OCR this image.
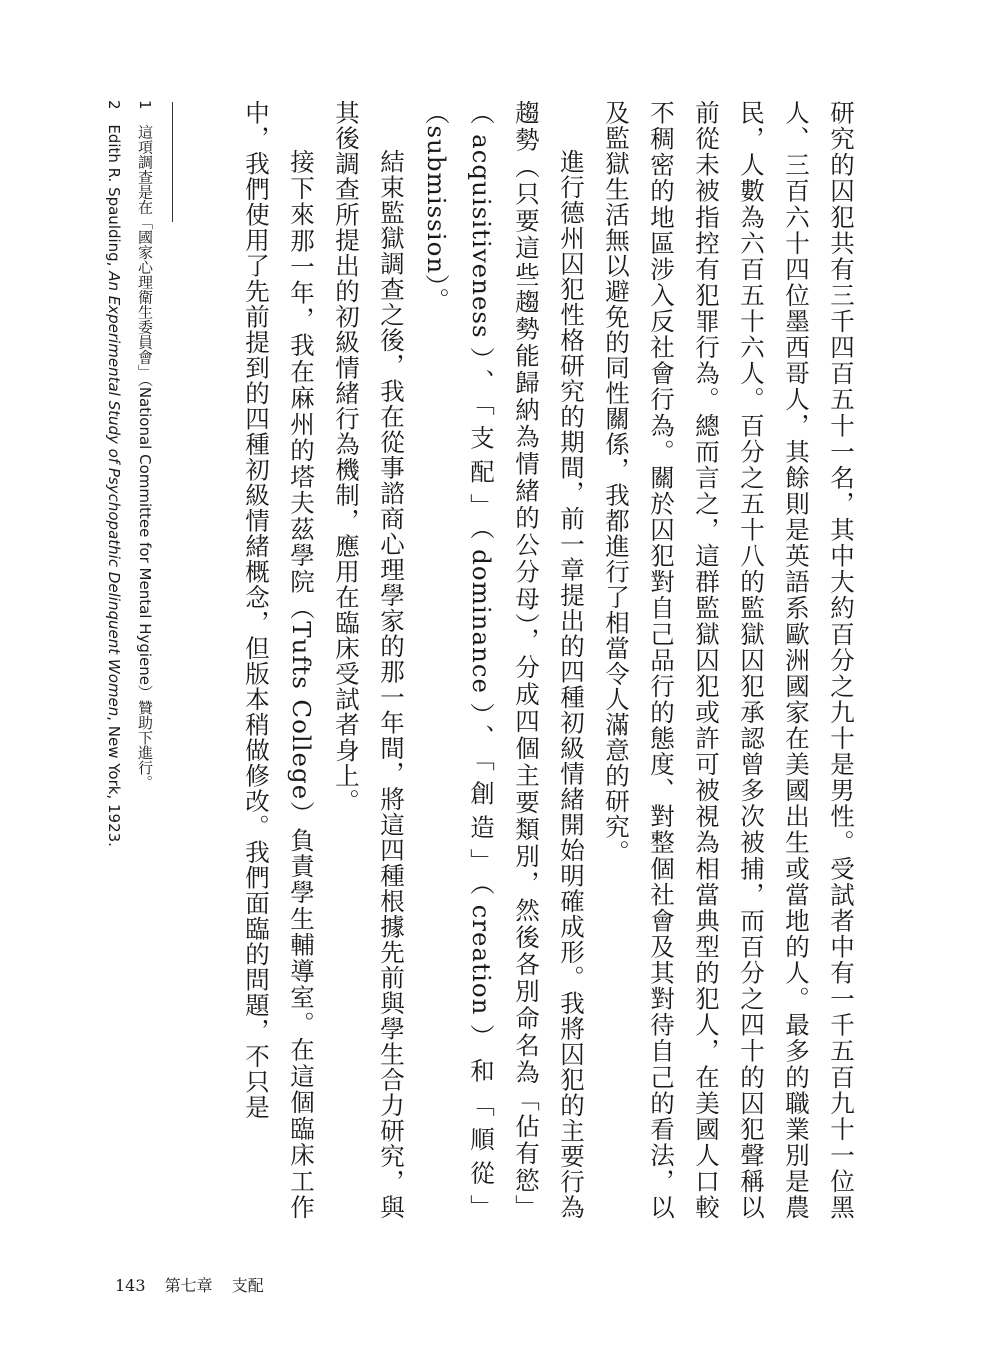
研究的囚犯共有三千四百五十一名，其中大約百分之九十是男性。受試者中有一千五百九十一位黑人、三百六十四位墨西哥人，其餘則是英語系歐洲國家在美國出生或當地的人。最多的職業別是農民，人數為六百五十六人。百分之五十八的監獄囚犯承認曾多次被捕，而百分之四十的囚犯聲稱以前從未被指控有犯罪行為。總而言之，這群監獄囚犯或許可被視為相當典型的犯人，在美國人口較不稠密的地區涉入反社會行為。關於囚犯對自己品行的態度、對整個社會及其對待自己的看法，以及監獄生活無以避免的同性關係，我都進行了相當令人滿意的研究。

進行德州囚犯性格研究的期間，前一章提出的四種初級情緒開始明確成形。我將囚犯的主要行為趨勢（只要這些趨勢能歸納為情緒的公分母），分成四個主要類別，然後各別命名為「佔有慾」（acquisitiveness）、「支配」（dominance）、「創造」（creation）和「順從」（submission）。

結束監獄調查之後，我在從事諮商心理學家的那一年間，將這四種根據先前與學生合力研究，與其後調查所提出的初級情緒行為機制，應用在臨床受試者身上。

接下來那一年，我在麻州的塔夫茲學院（Tufts College）負責學生輔導室。在這個臨床工作中，我們使用了先前提到的四種初級情緒概念，但版本稍做修改。我們面臨的問題，不只是

1 這項調查是在「國家心理衛生委員會」（National Committee for Mental Hygiene）贊助下進行。

2 Edith R. Spaulding, An Experimental Study of Psychopathic Delinquent Women, New York, 1923.

143 第七章 支配
